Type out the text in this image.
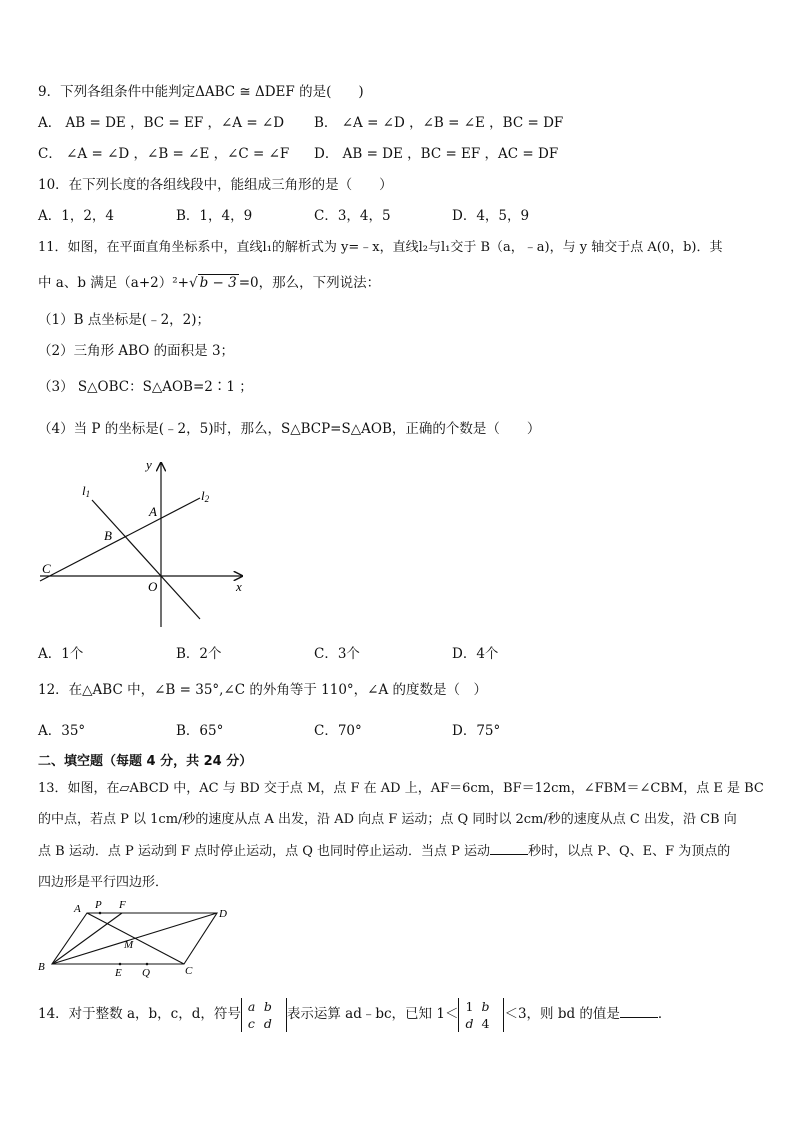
9．下列各组条件中能判定ΔABC ≅ ΔDEF 的是(　　)
A． AB = DE ，BC = EF ，∠A = ∠D B． ∠A = ∠D ，∠B = ∠E ，BC = DF
C． ∠A = ∠D ，∠B = ∠E ，∠C = ∠F D． AB = DE ，BC = EF ，AC = DF
10．在下列长度的各组线段中，能组成三角形的是（　　）
A．1，2，4	B．1，4，9	C．3，4，5	D．4，5，9
11．如图，在平面直角坐标系中，直线l₁的解析式为 y=﹣x，直线l₂与l₁交于 B（a，﹣a)，与 y 轴交于点 A(0，b)．其
中 a、b 满足（a+2）²+√ b − 3 =0，那么，下列说法：
（1）B 点坐标是(﹣2，2)；
（2）三角形 ABO 的面积是 3；
（3） S△OBC：S△AOB=2∶1 ；
（4）当 P 的坐标是(﹣2，5)时，那么，S△BCP=S△AOB，正确的个数是（　　）
y
x
l1	l2
A
B
C
O
A．1个	B．2个	C．3个	D．4个
12．在△ABC 中，∠B = 35°,∠C 的外角等于 110°，∠A 的度数是（　）
A．35°	B．65°	C．70°	D．75°
二、填空题（每题 4 分，共 24 分）
13．如图，在▱ABCD 中，AC 与 BD 交于点 M，点 F 在 AD 上，AF＝6cm，BF＝12cm，∠FBM＝∠CBM，点 E 是 BC
的中点，若点 P 以 1cm/秒的速度从点 A 出发，沿 AD 向点 F 运动；点 Q 同时以 2cm/秒的速度从点 C 出发，沿 CB 向
点 B 运动．点 P 运动到 F 点时停止运动，点 Q 也同时停止运动．当点 P 运动	秒时，以点 P、Q、E、F 为顶点的
四边形是平行四边形．
A P F
D
M
B	E Q	C
14．对于整数 a，b，c，d，符号 a b
c d表示运算 ad﹣bc，已知 1＜ 1 b
d 4＜3，则 bd 的值是	．
